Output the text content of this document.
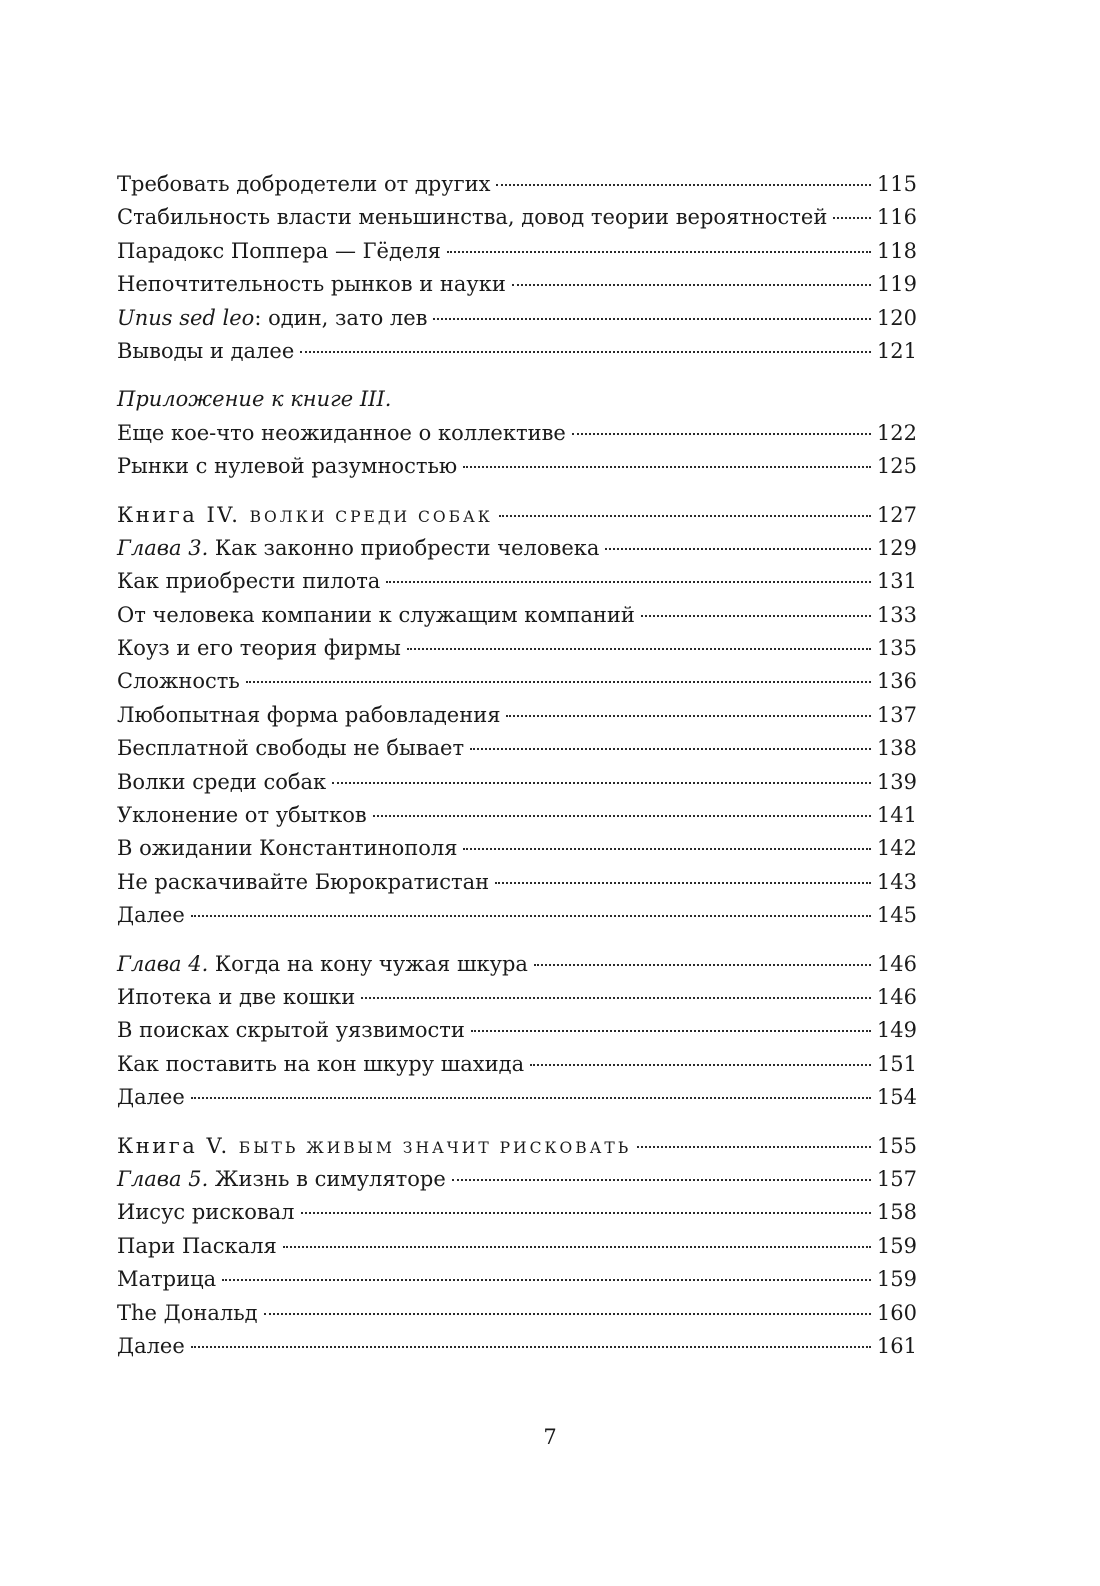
Требовать добродетели от других	115
Стабильность власти меньшинства, довод теории вероятностей 116
Парадокс Поппера — Гёделя	118
Непочтительность рынков и науки	119
Unus sed leo: один, зато лев	120
Выводы и далее	121
Приложение к книге III.
Еще кое-что неожиданное о коллективе	122
Рынки с нулевой разумностью	125
Книга IV. ВОЛКИ СРЕДИ СОБАК	127
Глава 3. Как законно приобрести человека	129
Как приобрести пилота	131
От человека компании к служащим компаний	133
Коуз и его теория фирмы	135
Сложность	136
Любопытная форма рабовладения	137
Бесплатной свободы не бывает	138
Волки среди собак	139
Уклонение от убытков	141
В ожидании Константинополя	142
Не раскачивайте Бюрократистан	143
Далее	145
Глава 4. Когда на кону чужая шкура	146
Ипотека и две кошки	146
В поисках скрытой уязвимости	149
Как поставить на кон шкуру шахида	151
Далее	154
Книга V. БЫТЬ ЖИВЫМ ЗНАЧИТ РИСКОВАТЬ	155
Глава 5. Жизнь в симуляторе	157
Иисус рисковал	158
Пари Паскаля	159
Матрица	159
The Дональд	160
Далее	161
7
